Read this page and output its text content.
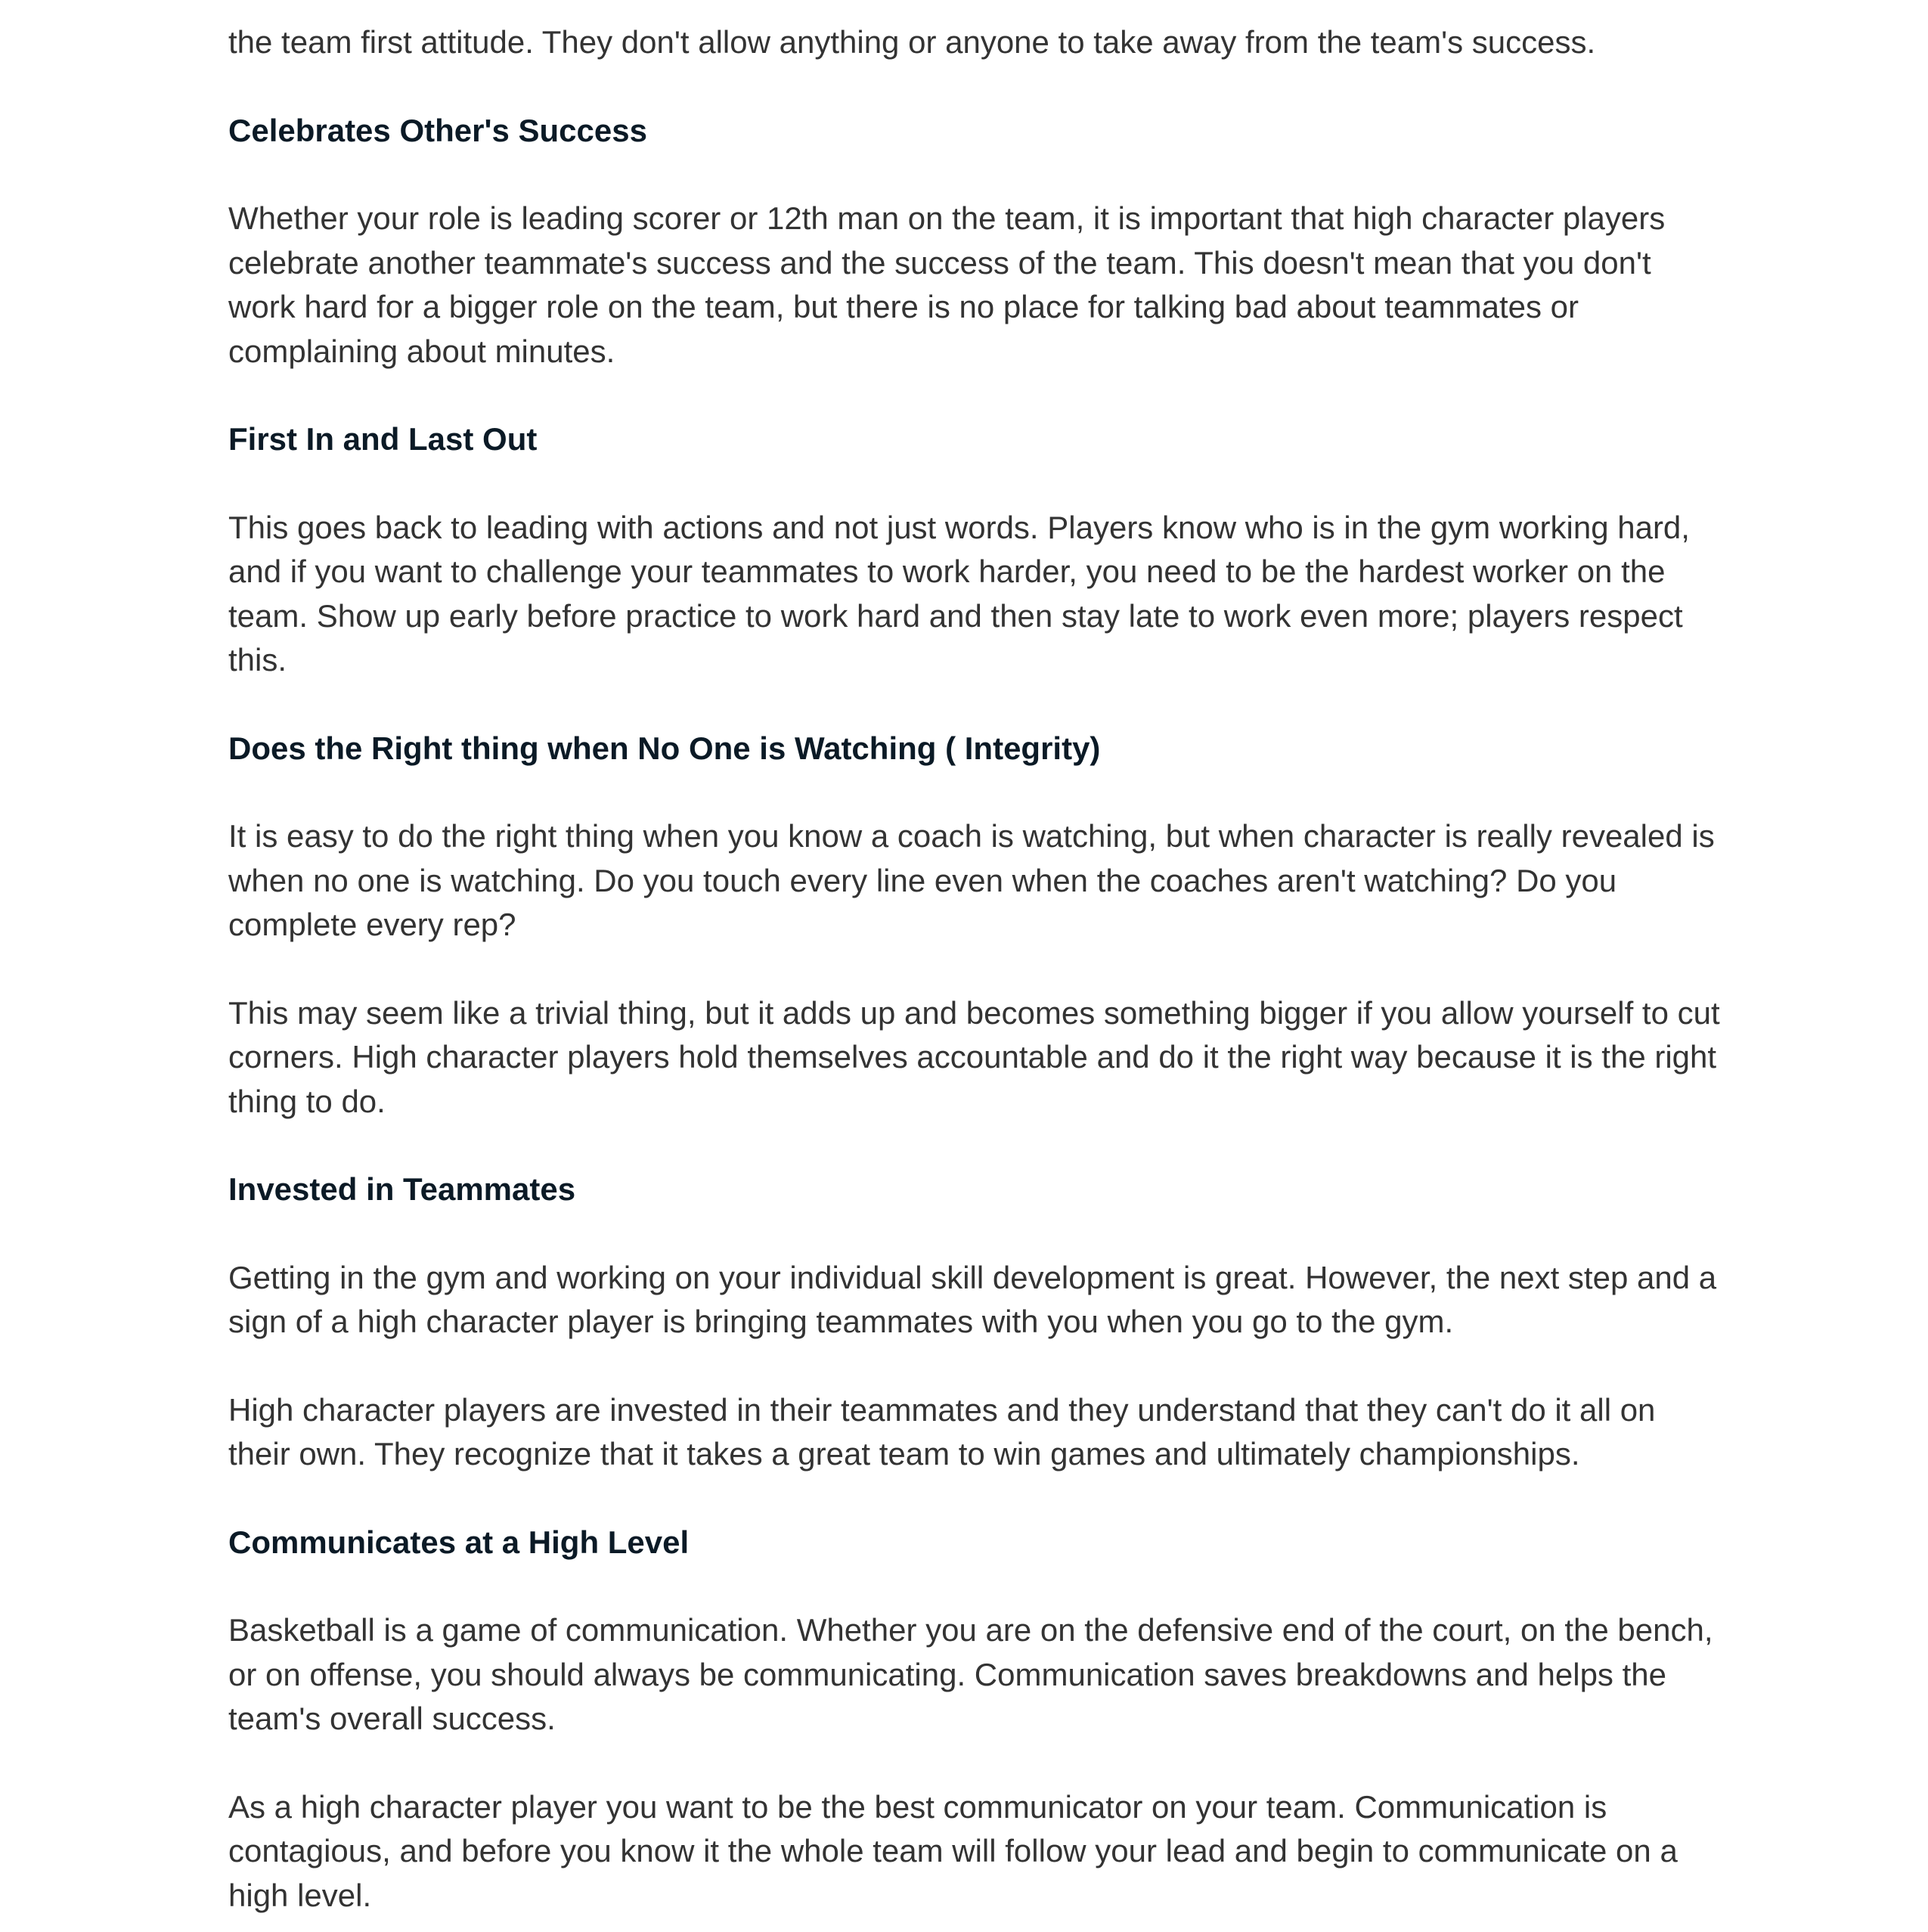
the team first attitude. They don't allow anything or anyone to take away from the team's success.

Celebrates Other's Success

Whether your role is leading scorer or 12th man on the team, it is important that high character players celebrate another teammate's success and the success of the team. This doesn't mean that you don't work hard for a bigger role on the team, but there is no place for talking bad about teammates or complaining about minutes.

First In and Last Out

This goes back to leading with actions and not just words. Players know who is in the gym working hard, and if you want to challenge your teammates to work harder, you need to be the hardest worker on the team. Show up early before practice to work hard and then stay late to work even more; players respect this.

Does the Right thing when No One is Watching ( Integrity)

It is easy to do the right thing when you know a coach is watching, but when character is really revealed is when no one is watching. Do you touch every line even when the coaches aren't watching? Do you complete every rep?

This may seem like a trivial thing, but it adds up and becomes something bigger if you allow yourself to cut corners. High character players hold themselves accountable and do it the right way because it is the right thing to do.

Invested in Teammates

Getting in the gym and working on your individual skill development is great. However, the next step and a sign of a high character player is bringing teammates with you when you go to the gym.

High character players are invested in their teammates and they understand that they can't do it all on their own. They recognize that it takes a great team to win games and ultimately championships.

Communicates at a High Level

Basketball is a game of communication. Whether you are on the defensive end of the court, on the bench, or on offense, you should always be communicating. Communication saves breakdowns and helps the team's overall success.

As a high character player you want to be the best communicator on your team. Communication is contagious, and before you know it the whole team will follow your lead and begin to communicate on a high level.
